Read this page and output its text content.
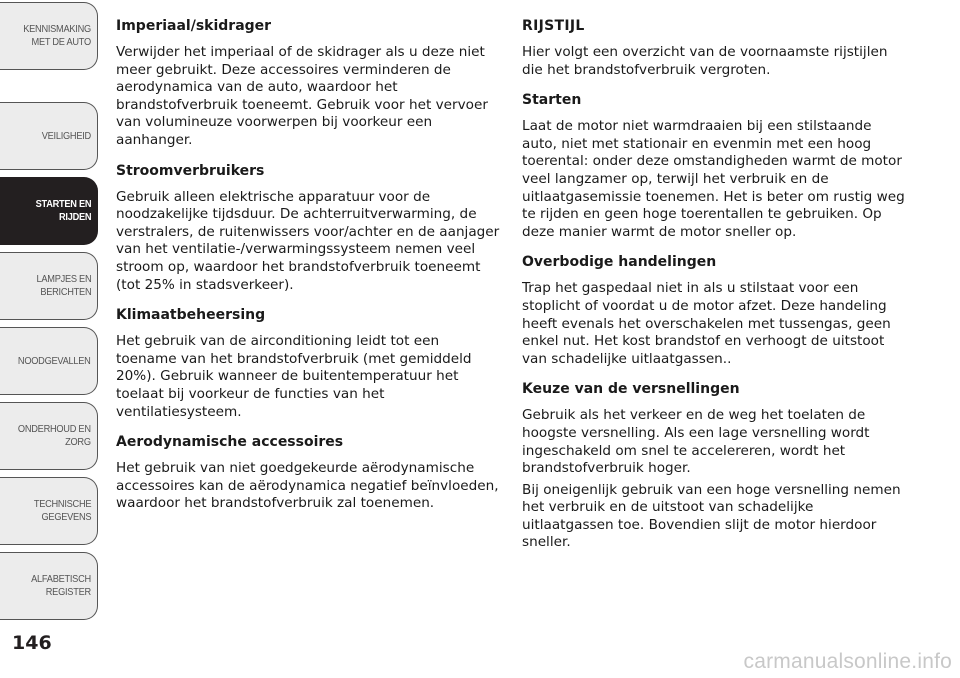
KENNISMAKING
MET DE AUTO
VEILIGHEID
STARTEN EN
RIJDEN
LAMPJES EN
BERICHTEN
NOODGEVALLEN
ONDERHOUD EN
ZORG
TECHNISCHE
GEGEVENS
ALFABETISCH
REGISTER
146
Imperiaal/skidrager

Verwijder het imperiaal of de skidrager als u deze niet meer gebruikt. Deze accessoires verminderen de aerodynamica van de auto, waardoor het brandstofverbruik toeneemt. Gebruik voor het vervoer van volumineuze voorwerpen bij voorkeur een aanhanger.

Stroomverbruikers

Gebruik alleen elektrische apparatuur voor de noodzakelijke tijdsduur. De achterruitverwarming, de verstralers, de ruitenwissers voor/achter en de aanjager van het ventilatie-/verwarmingssysteem nemen veel stroom op, waardoor het brandstofverbruik toeneemt (tot 25% in stadsverkeer).

Klimaatbeheersing

Het gebruik van de airconditioning leidt tot een toename van het brandstofverbruik (met gemiddeld 20%). Gebruik wanneer de buitentemperatuur het toelaat bij voorkeur de functies van het ventilatiesysteem.

Aerodynamische accessoires

Het gebruik van niet goedgekeurde aërodynamische accessoires kan de aërodynamica negatief beïnvloeden, waardoor het brandstofverbruik zal toenemen.

RIJSTIJL

Hier volgt een overzicht van de voornaamste rijstijlen die het brandstofverbruik vergroten.

Starten

Laat de motor niet warmdraaien bij een stilstaande auto, niet met stationair en evenmin met een hoog toerental: onder deze omstandigheden warmt de motor veel langzamer op, terwijl het verbruik en de uitlaatgasemissie toenemen. Het is beter om rustig weg te rijden en geen hoge toerentallen te gebruiken. Op deze manier warmt de motor sneller op.

Overbodige handelingen

Trap het gaspedaal niet in als u stilstaat voor een stoplicht of voordat u de motor afzet. Deze handeling heeft evenals het overschakelen met tussengas, geen enkel nut. Het kost brandstof en verhoogt de uitstoot van schadelijke uitlaatgassen..

Keuze van de versnellingen

Gebruik als het verkeer en de weg het toelaten de hoogste versnelling. Als een lage versnelling wordt ingeschakeld om snel te accelereren, wordt het brandstofverbruik hoger.

Bij oneigenlijk gebruik van een hoge versnelling nemen het verbruik en de uitstoot van schadelijke uitlaatgassen toe. Bovendien slijt de motor hierdoor sneller.

carmanualsonline.info
